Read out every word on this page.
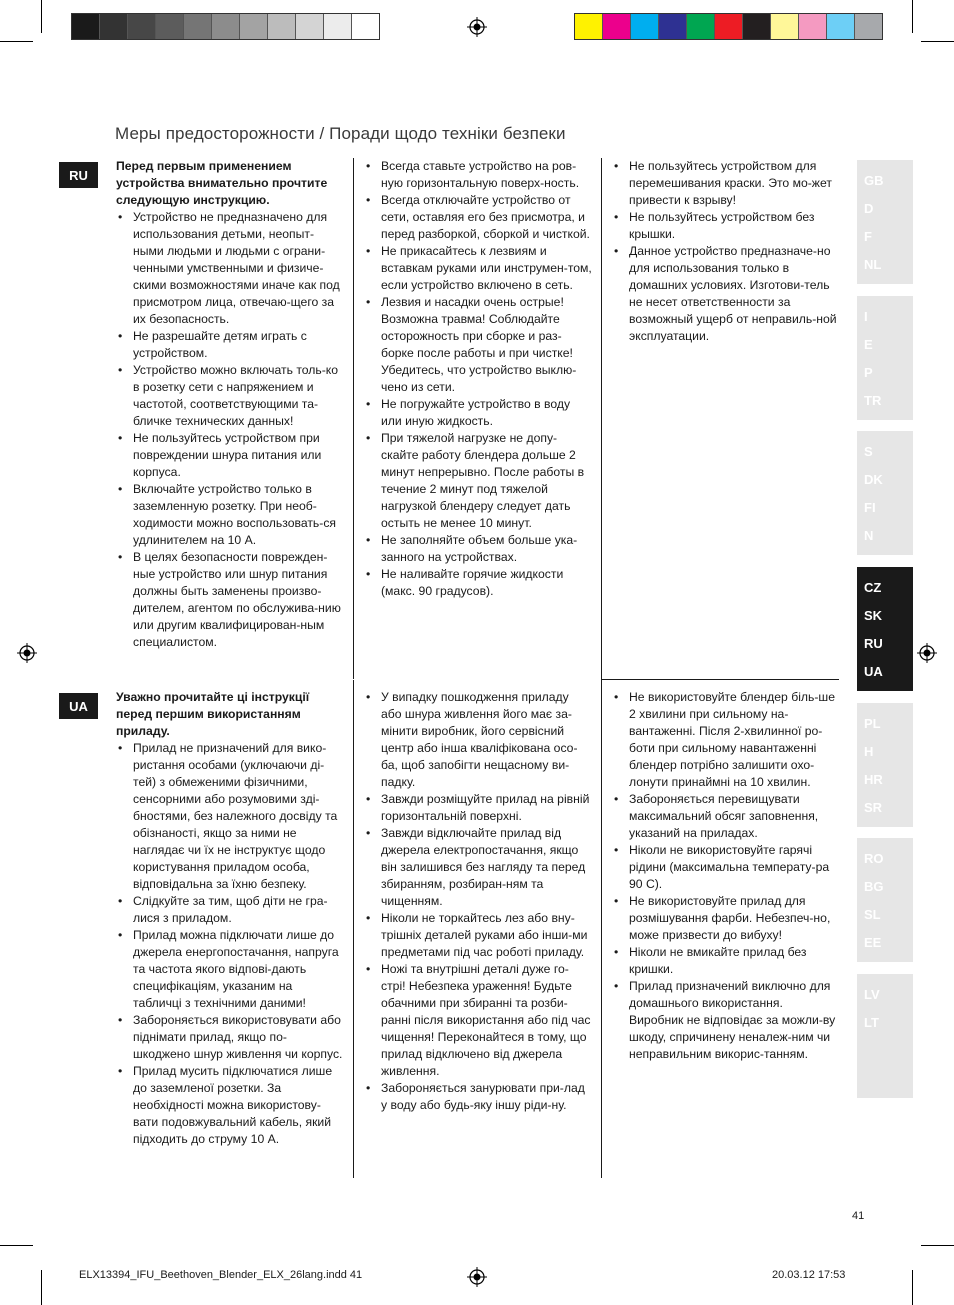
Меры предосторожности / Поради щодо техніки безпеки
RU
Перед первым применением устройства внимательно прочтите следующую инструкцию.
• Устройство не предназначено для использования детьми, неопыт-ными людьми и людьми с ограни-ченными умственными и физиче-скими возможностями иначе как под присмотром лица, отвечаю-щего за их безопасность.
• Не разрешайте детям играть с устройством.
• Устройство можно включать толь-ко в розетку сети с напряжением и частотой, соответствующими та-бличке технических данных!
• Не пользуйтесь устройством при повреждении шнура питания или корпуса.
• Включайте устройство только в заземленную розетку. При необ-ходимости можно воспользовать-ся удлинителем на 10 А.
• В целях безопасности поврежден-ные устройство или шнур питания должны быть заменены произво-дителем, агентом по обслужива-нию или другим квалифицирован-ным специалистом.
• Всегда ставьте устройство на ров-ную горизонтальную поверх-ность.
• Всегда отключайте устройство от сети, оставляя его без присмотра, и перед разборкой, сборкой и чисткой.
• Не прикасайтесь к лезвиям и вставкам руками или инструмен-том, если устройство включено в сеть.
• Лезвия и насадки очень острые! Возможна травма! Соблюдайте осторожность при сборке и раз-борке после работы и при чистке! Убедитесь, что устройство выклю-чено из сети.
• Не погружайте устройство в воду или иную жидкость.
• При тяжелой нагрузке не допу-скайте работу блендера дольше 2 минут непрерывно. После работы в течение 2 минут под тяжелой нагрузкой блендеру следует дать остыть не менее 10 минут.
• Не заполняйте объем больше ука-занного на устройствах.
• Не наливайте горячие жидкости (макс. 90 градусов).
• Не пользуйтесь устройством для перемешивания краски. Это мо-жет привести к взрыву!
• Не пользуйтесь устройством без крышки.
• Данное устройство предназначе-но для использования только в домашних условиях. Изготови-тель не несет ответственности за возможный ущерб от неправиль-ной эксплуатации.
UA
Уважно прочитайте ці інструкції перед першим використанням приладу.
• Прилад не призначений для вико-ристання особами (уключаючи ді-тей) з обмеженими фізичними, сенсорними або розумовими зді-бностями, без належного досвіду та обізнаності, якщо за ними не наглядає чи їх не інструктує щодо користування приладом особа, відповідальна за їхню безпеку.
• Слідкуйте за тим, щоб діти не гра-лися з приладом.
• Прилад можна підключати лише до джерела енергопостачання, напруга та частота якого відпові-дають специфікаціям, указаним на табличці з технічними даними!
• Забороняється використовувати або піднімати прилад, якщо по-шкоджено шнур живлення чи корпус.
• Прилад мусить підключатися лише до заземленої розетки. За необхідності можна використову-вати подовжувальний кабель, який підходить до струму 10 А.
• У випадку пошкодження приладу або шнура живлення його має за-мінити виробник, його сервісний центр або інша кваліфікована осо-ба, щоб запобігти нещасному ви-падку.
• Завжди розміщуйте прилад на рівній горизонтальній поверхні.
• Завжди відключайте прилад від джерела електропостачання, якщо він залишився без нагляду та перед збиранням, розбиран-ням та чищенням.
• Ніколи не торкайтесь лез або вну-трішніх деталей руками або інши-ми предметами під час роботі приладу.
• Ножі та внутрішні деталі дуже го-стрі! Небезпека ураження! Будьте обачними при збиранні та розби-ранні після використання або під час чищення! Переконайтеся в тому, що прилад відключено від джерела живлення.
• Забороняється занурювати при-лад у воду або будь-яку іншу ріди-ну.
• Не використовуйте блендер біль-ше 2 хвилини при сильному на-вантаженні. Після 2-хвилинної ро-боти при сильному навантаженні блендер потрібно залишити охо-лонути принаймні на 10 хвилин.
• Забороняється перевищувати максимальний обсяг заповнення, указаний на приладах.
• Ніколи не використовуйте гарячі рідини (максимальна температу-ра 90 C).
• Не використовуйте прилад для розмішування фарби. Небезпеч-но, може призвести до вибуху!
• Ніколи не вмикайте прилад без кришки.
• Прилад призначений виключно для домашнього використання. Виробник не відповідає за можли-ву шкоду, спричинену неналеж-ним чи неправильним викорис-танням.
GB
D
F
NL
I
E
P
TR
S
DK
FI
N
CZ
SK
RU
UA
PL
H
HR
SR
RO
BG
SL
EE
LV
LT
41
ELX13394_IFU_Beethoven_Blender_ELX_26lang.indd 41	20.03.12 17:53
